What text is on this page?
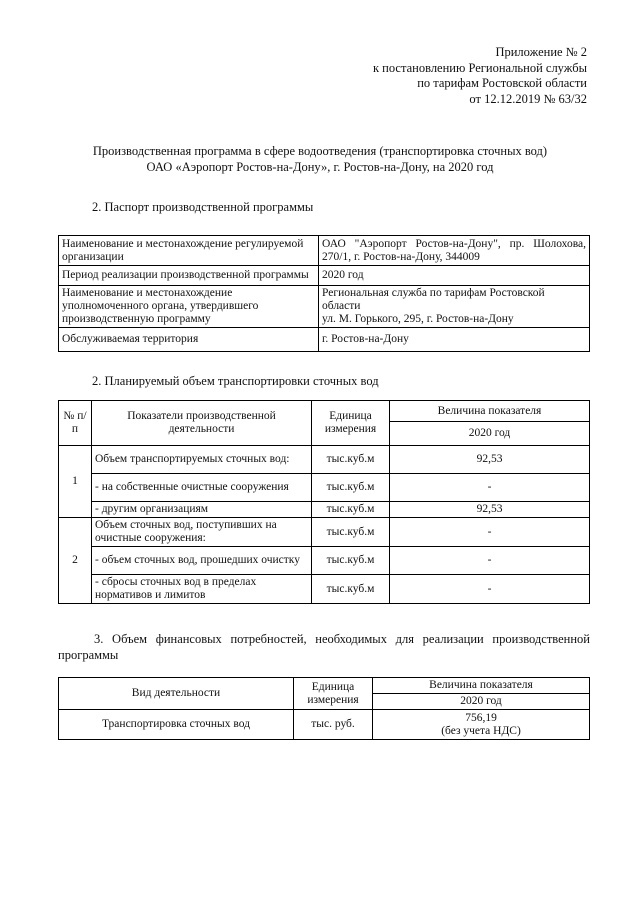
Приложение № 2
к постановлению Региональной службы
по тарифам Ростовской области
от 12.12.2019 № 63/32
Производственная программа в сфере водоотведения (транспортировка сточных вод)
ОАО «Аэропорт Ростов-на-Дону», г. Ростов-на-Дону, на 2020 год
2. Паспорт производственной программы
Наименование и местонахождение регулируемой организации	ОАО "Аэропорт Ростов-на-Дону", пр. Шолохова, 270/1, г. Ростов-на-Дону, 344009
Период реализации производственной программы	2020 год
Наименование и местонахождение уполномоченного органа, утвердившего производственную программу	Региональная служба по тарифам Ростовской области
ул. М. Горького, 295, г. Ростов-на-Дону

Обслуживаемая территория	г. Ростов-на-Дону
2. Планируемый объем транспортировки сточных вод
№ п/п	Показатели производственной деятельности	Единица измерения	Величина показателя
			2020 год
1	Объем транспортируемых сточных вод:	тыс.куб.м	92,53
	- на собственные очистные сооружения	тыс.куб.м	-
	- другим организациям	тыс.куб.м	92,53
2	Объем сточных вод, поступивших на очистные сооружения:	тыс.куб.м	-
	- объем сточных вод, прошедших очистку	тыс.куб.м	-
	- сбросы сточных вод в пределах нормативов и лимитов	тыс.куб.м	-
3. Объем финансовых потребностей, необходимых для реализации производственной программы
Вид деятельности	Единица измерения	Величина показателя
		2020 год
Транспортировка сточных вод	тыс. руб.	756,19
(без учета НДС)
